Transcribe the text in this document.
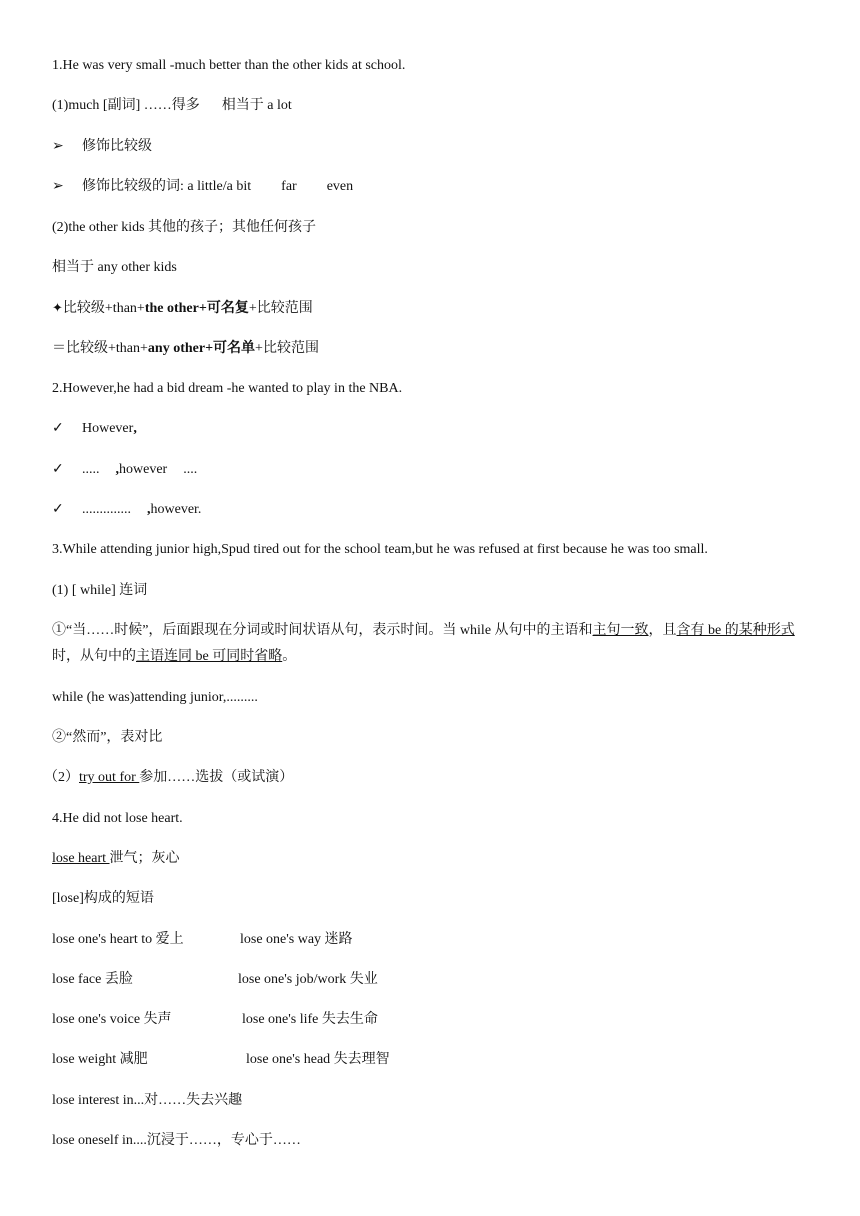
1.He was very small -much better than the other kids at school.
(1)much [副词] ……得多 相当于 a lot
➢ 修饰比较级
➢ 修饰比较级的词: a little/a bit far even
(2)the other kids 其他的孩子；其他任何孩子
相当于 any other kids
✦比较级+than+the other+可名复+比较范围
＝比较级+than+any other+可名单+比较范围
2.However,he had a bid dream -he wanted to play in the NBA.
✓ However,
✓ ..... ,however ....
✓ .............. ,however.
3.While attending junior high,Spud tired out for the school team,but he was refused at first because he was too small.
(1) [ while] 连词
①“当……时候”，后面跟现在分词或时间状语从句，表示时间。当 while 从句中的主语和主句一致，且含有 be 的某种形式时，从句中的主语连同 be 可同时省略。
while (he was)attending junior,.........
②“然而”，表对比
（2）try out for 参加……选拔（或试演）
4.He did not lose heart.
lose heart 泄气；灰心
[lose]构成的短语
lose one's heart to 爱上	lose one's way 迷路
lose face 丢脸	lose one's job/work 失业
lose one's voice 失声	lose one's life 失去生命
lose weight 减肥	lose one's head 失去理智
lose interest in...对……失去兴趣
lose oneself in....沉浸于……，专心于……
